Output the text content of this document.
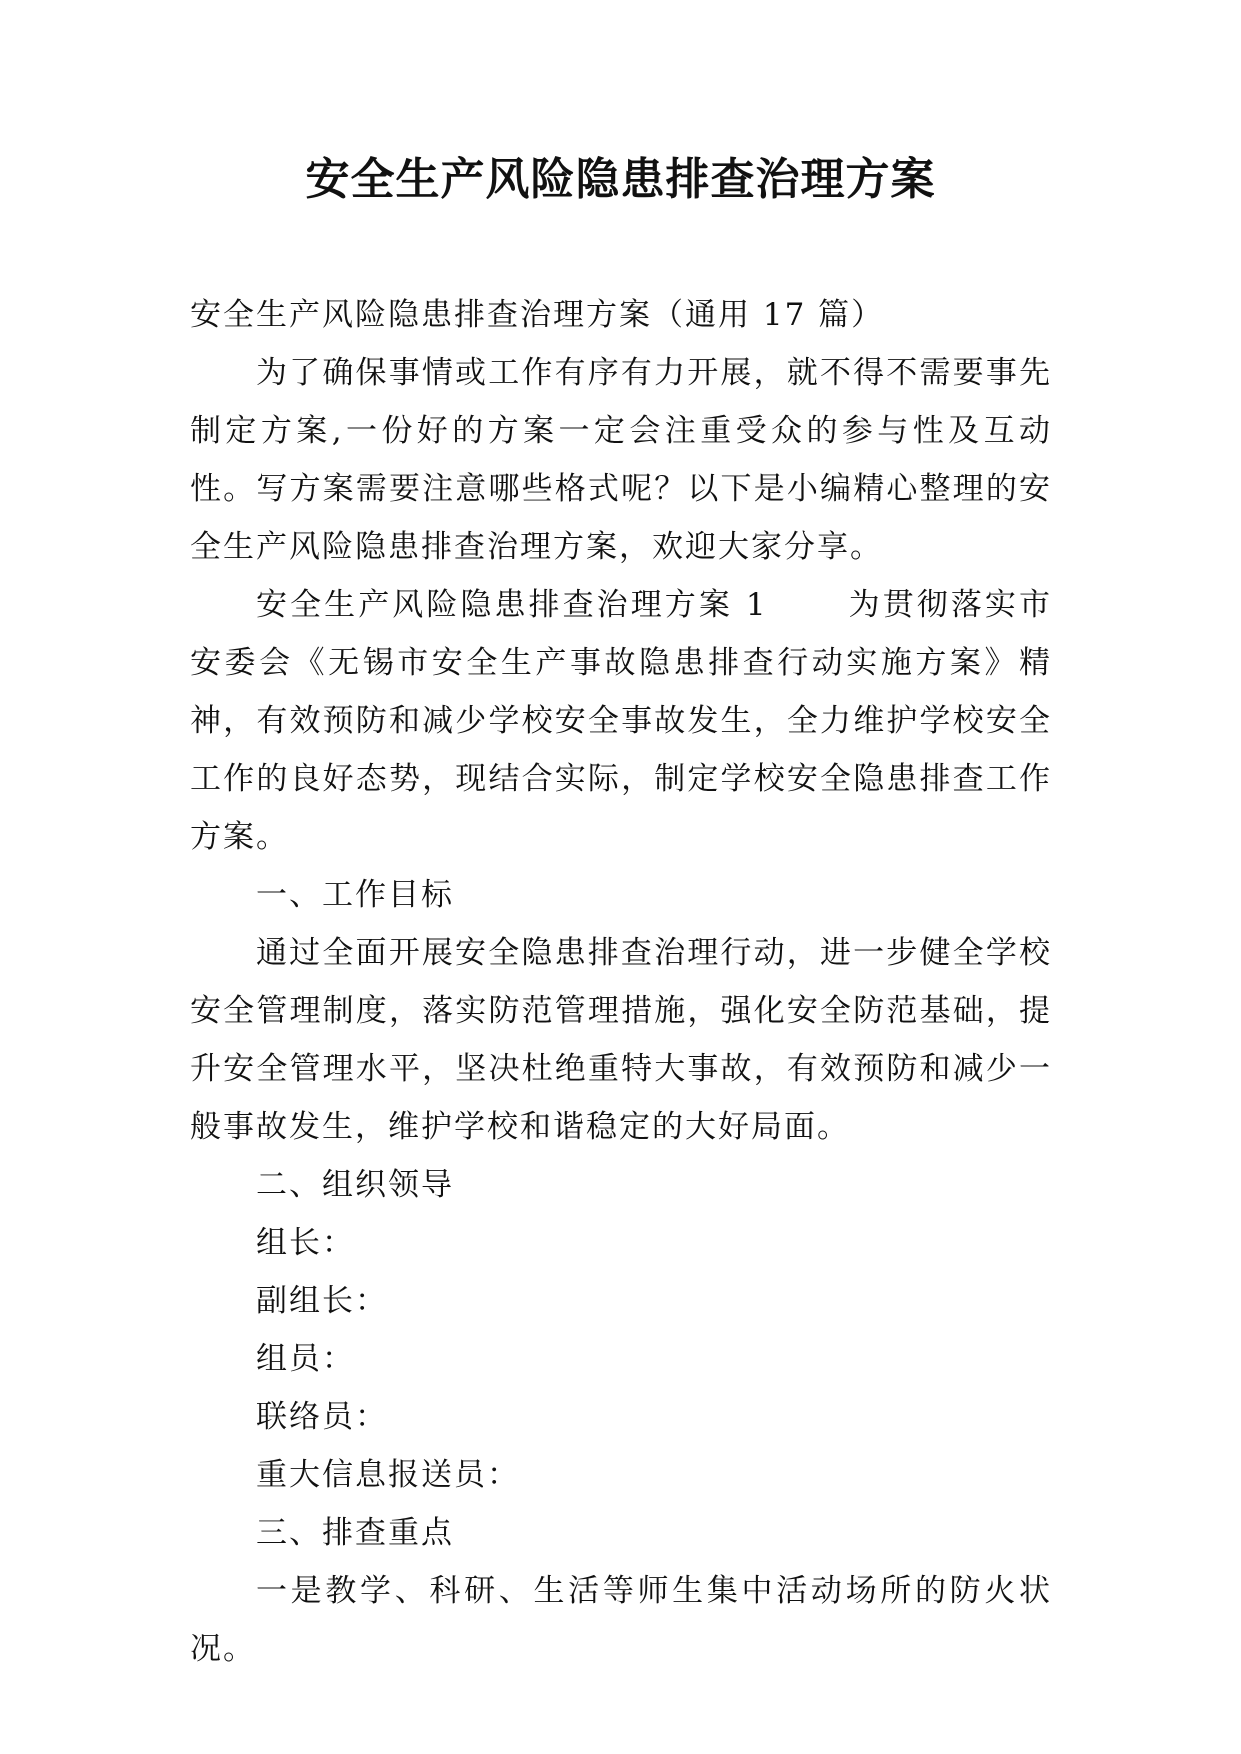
安全生产风险隐患排查治理方案

安全生产风险隐患排查治理方案（通用 17 篇）

为了确保事情或工作有序有力开展，就不得不需要事先制定方案,一份好的方案一定会注重受众的参与性及互动性。写方案需要注意哪些格式呢？以下是小编精心整理的安全生产风险隐患排查治理方案，欢迎大家分享。

安全生产风险隐患排查治理方案 1	为贯彻落实市安委会《无锡市安全生产事故隐患排查行动实施方案》精神，有效预防和减少学校安全事故发生，全力维护学校安全工作的良好态势，现结合实际，制定学校安全隐患排查工作方案。

一、工作目标

通过全面开展安全隐患排查治理行动，进一步健全学校安全管理制度，落实防范管理措施，强化安全防范基础，提升安全管理水平，坚决杜绝重特大事故，有效预防和减少一般事故发生，维护学校和谐稳定的大好局面。

二、组织领导

组长：

副组长：

组员：

联络员：

重大信息报送员：

三、排查重点

一是教学、科研、生活等师生集中活动场所的防火状况。
